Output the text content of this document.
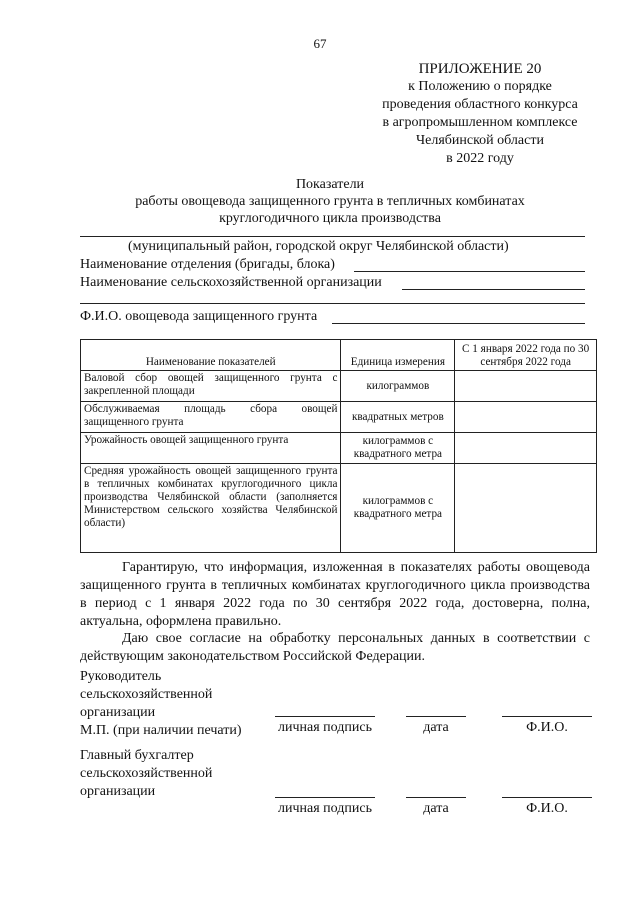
67
ПРИЛОЖЕНИЕ 20
к Положению о порядке
проведения областного конкурса
в агропромышленном комплексе
Челябинской области
в 2022 году
Показатели
работы овощевода защищенного грунта в тепличных комбинатах
круглогодичного цикла производства
(муниципальный район, городской округ Челябинской области)
Наименование отделения (бригады, блока)
Наименование сельскохозяйственной организации
Ф.И.О. овощевода защищенного грунта
Наименование показателей	Единица измерения	С 1 января 2022 года по 30 сентября 2022 года
Валовой сбор овощей защищенного грунта с закрепленной площади	килограммов	
Обслуживаемая площадь сбора овощей защищенного грунта	квадратных метров	
Урожайность овощей защищенного грунта	килограммов с квадратного метра	
Средняя урожайность овощей защищенного грунта в тепличных комбинатах круглогодичного цикла производства Челябинской области (заполняется Министерством сельского хозяйства Челябинской области)	килограммов с квадратного метра	
Гарантирую, что информация, изложенная в показателях работы овощевода защищенного грунта в тепличных комбинатах круглогодичного цикла производства в период с 1 января 2022 года по 30 сентября 2022 года, достоверна, полна, актуальна, оформлена правильно.
Даю свое согласие на обработку персональных данных в соответствии с действующим законодательством Российской Федерации.
Руководитель
сельскохозяйственной
организации
М.П. (при наличии печати)	личная подпись	дата	Ф.И.О.
Главный бухгалтер
сельскохозяйственной
организации
личная подпись	дата	Ф.И.О.
